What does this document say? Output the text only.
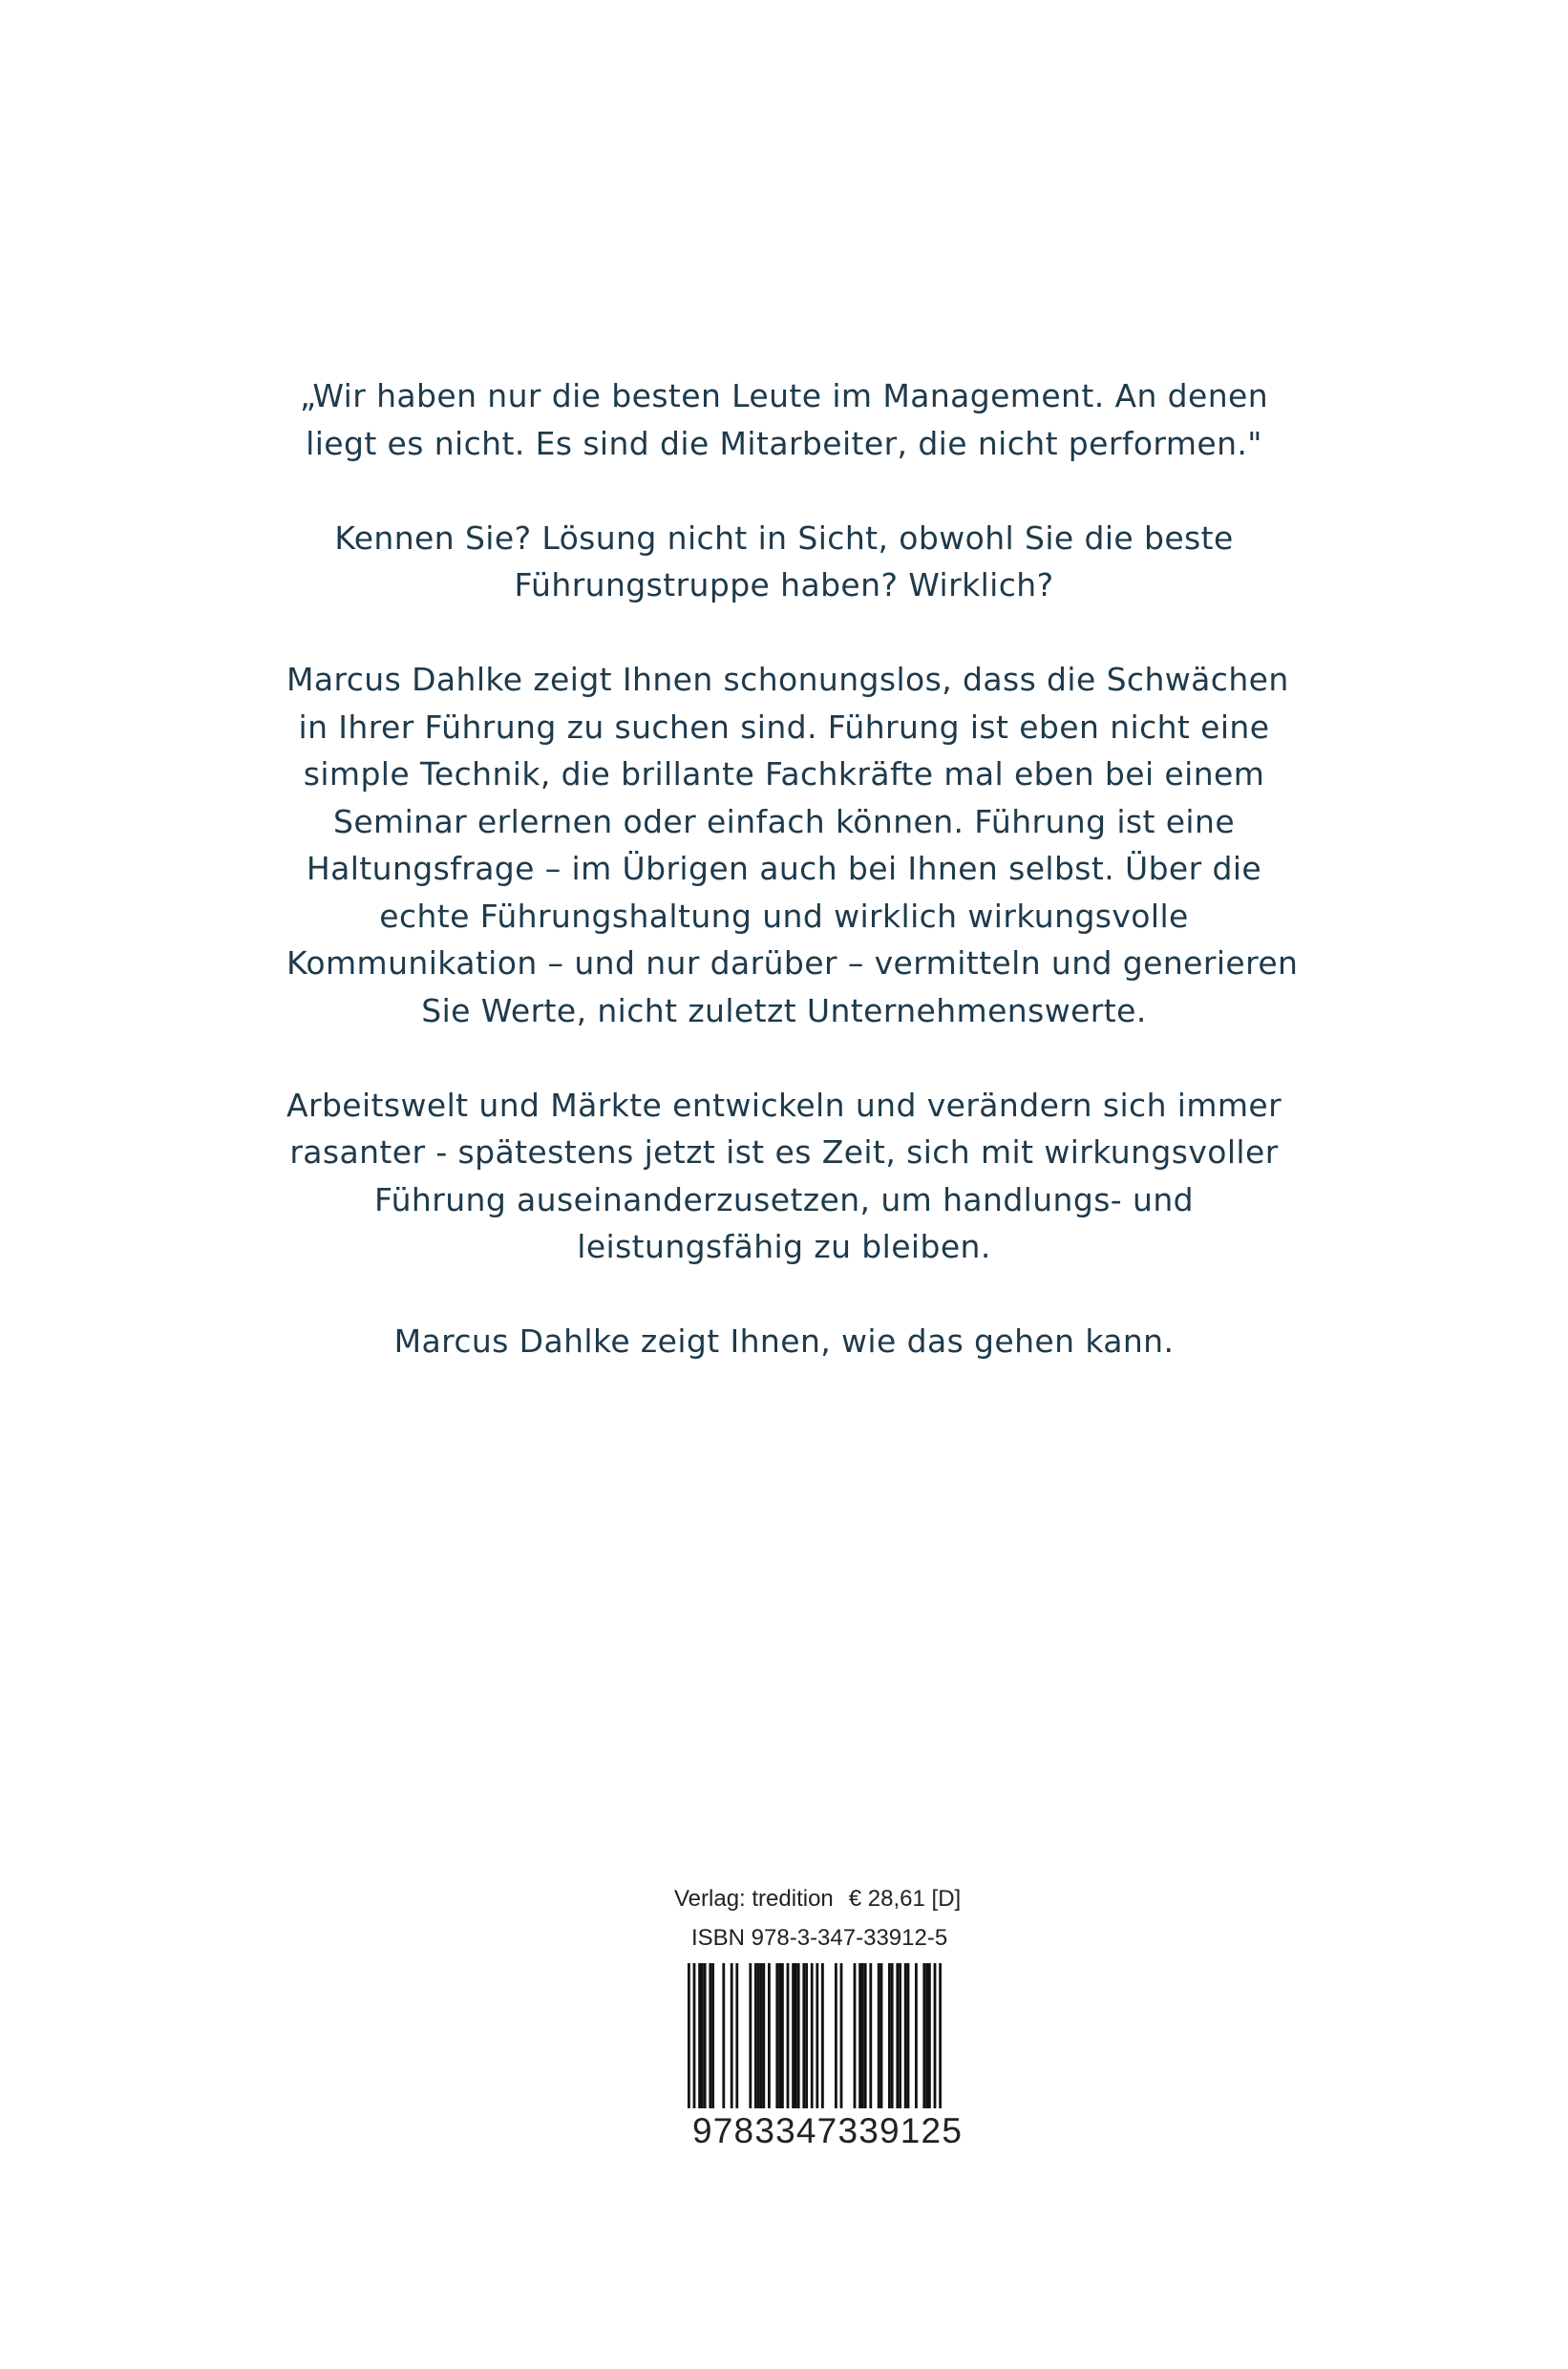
„Wir haben nur die besten Leute im Management. An denen
liegt es nicht. Es sind die Mitarbeiter, die nicht performen."

Kennen Sie? Lösung nicht in Sicht, obwohl Sie die beste
Führungstruppe haben? Wirklich?

Marcus Dahlke zeigt Ihnen schonungslos, dass die Schwächen
in Ihrer Führung zu suchen sind. Führung ist eben nicht eine
simple Technik, die brillante Fachkräfte mal eben bei einem
Seminar erlernen oder einfach können. Führung ist eine
Haltungsfrage – im Übrigen auch bei Ihnen selbst. Über die
echte Führungshaltung und wirklich wirkungsvolle
Kommunikation – und nur darüber – vermitteln und generieren
Sie Werte, nicht zuletzt Unternehmenswerte.

Arbeitswelt und Märkte entwickeln und verändern sich immer
rasanter - spätestens jetzt ist es Zeit, sich mit wirkungsvoller
Führung auseinanderzusetzen, um handlungs- und
leistungsfähig zu bleiben.

Marcus Dahlke zeigt Ihnen, wie das gehen kann.

Verlag: tredition € 28,61 [D]
ISBN 978-3-347-33912-5
9783347339125
